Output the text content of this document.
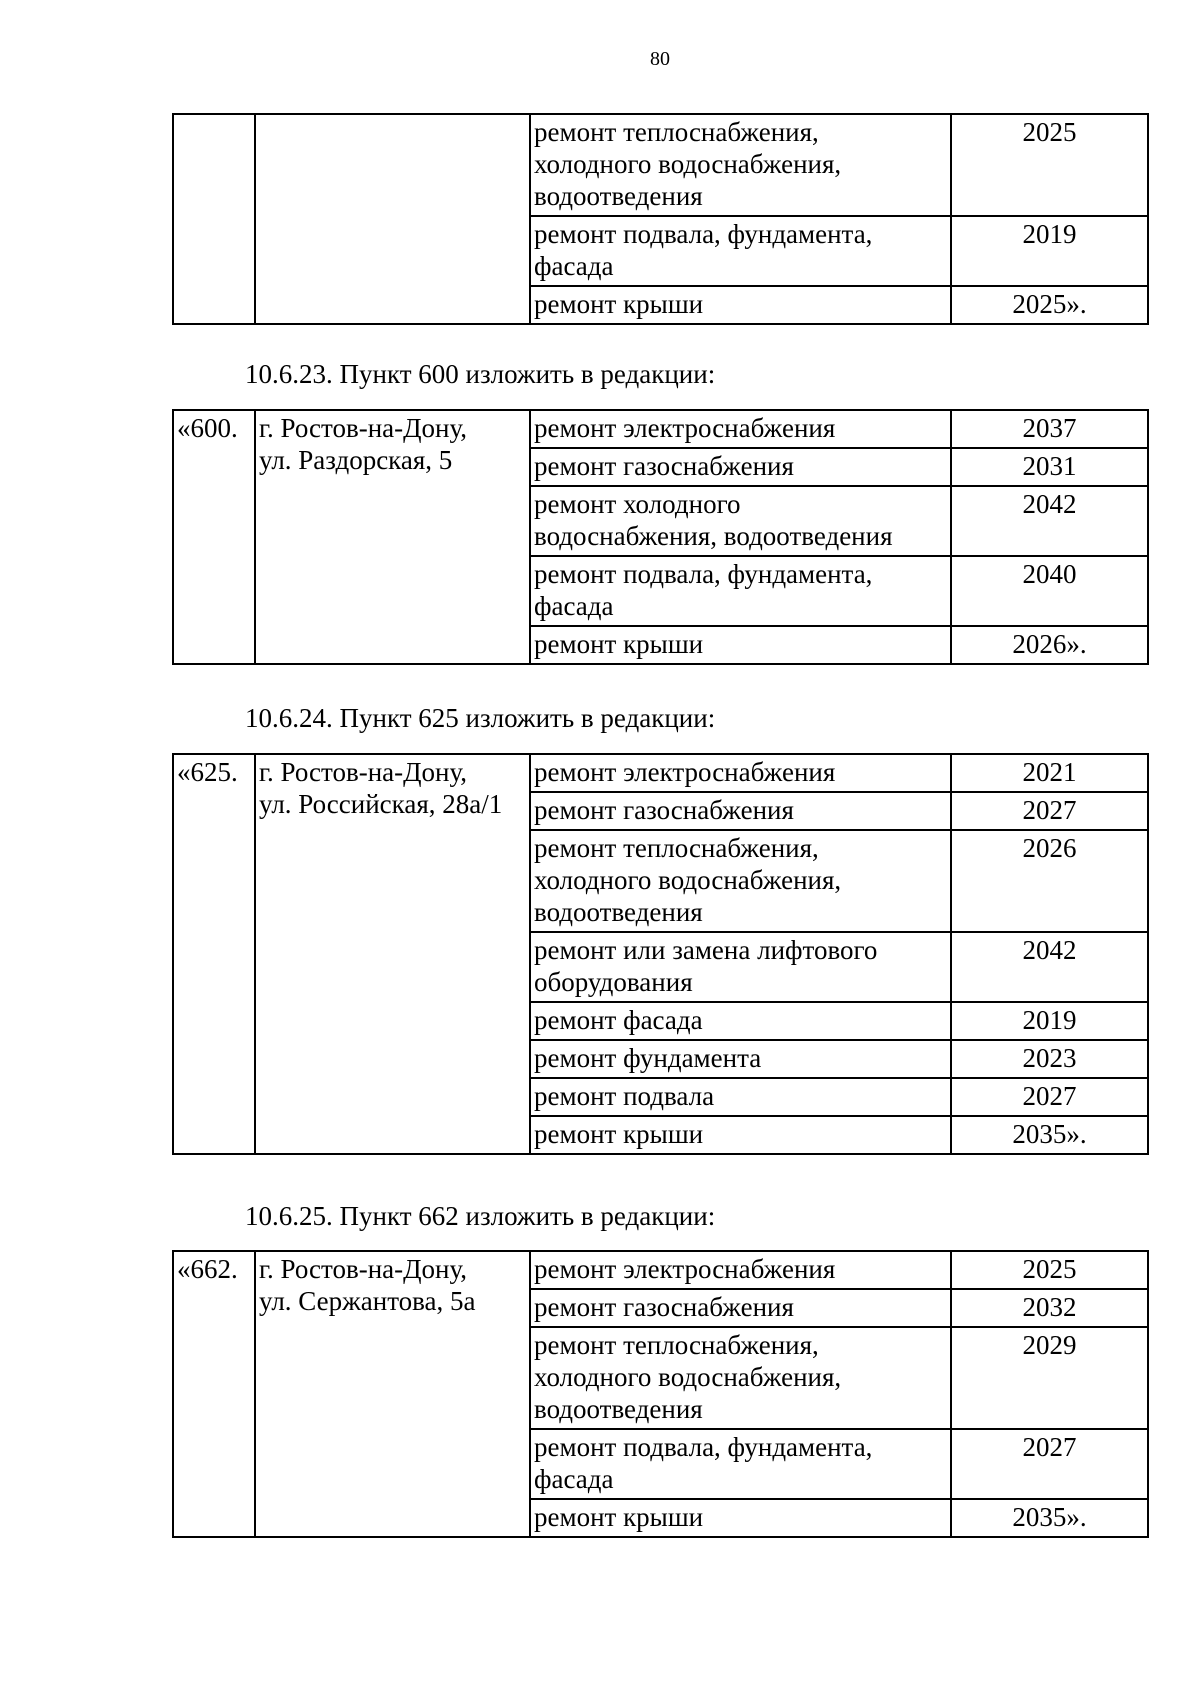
80
		ремонт теплоснабжения,
холодного водоснабжения,
водоотведения	2025
		ремонт подвала, фундамента,
фасада	2019
		ремонт крыши	2025».
10.6.23. Пункт 600 изложить в редакции:
«600.	г. Ростов-на-Дону,
ул. Раздорская, 5	ремонт электроснабжения	2037
		ремонт газоснабжения	2031
		ремонт холодного
водоснабжения, водоотведения	2042
		ремонт подвала, фундамента,
фасада	2040
		ремонт крыши	2026».
10.6.24. Пункт 625 изложить в редакции:
«625.	г. Ростов-на-Дону,
ул. Российская, 28а/1	ремонт электроснабжения	2021
		ремонт газоснабжения	2027
		ремонт теплоснабжения,
холодного водоснабжения,
водоотведения	2026
		ремонт или замена лифтового
оборудования	2042
		ремонт фасада	2019
		ремонт фундамента	2023
		ремонт подвала	2027
		ремонт крыши	2035».
10.6.25. Пункт 662 изложить в редакции:
«662.	г. Ростов-на-Дону,
ул. Сержантова, 5а	ремонт электроснабжения	2025
		ремонт газоснабжения	2032
		ремонт теплоснабжения,
холодного водоснабжения,
водоотведения	2029
		ремонт подвала, фундамента,
фасада	2027
		ремонт крыши	2035».
